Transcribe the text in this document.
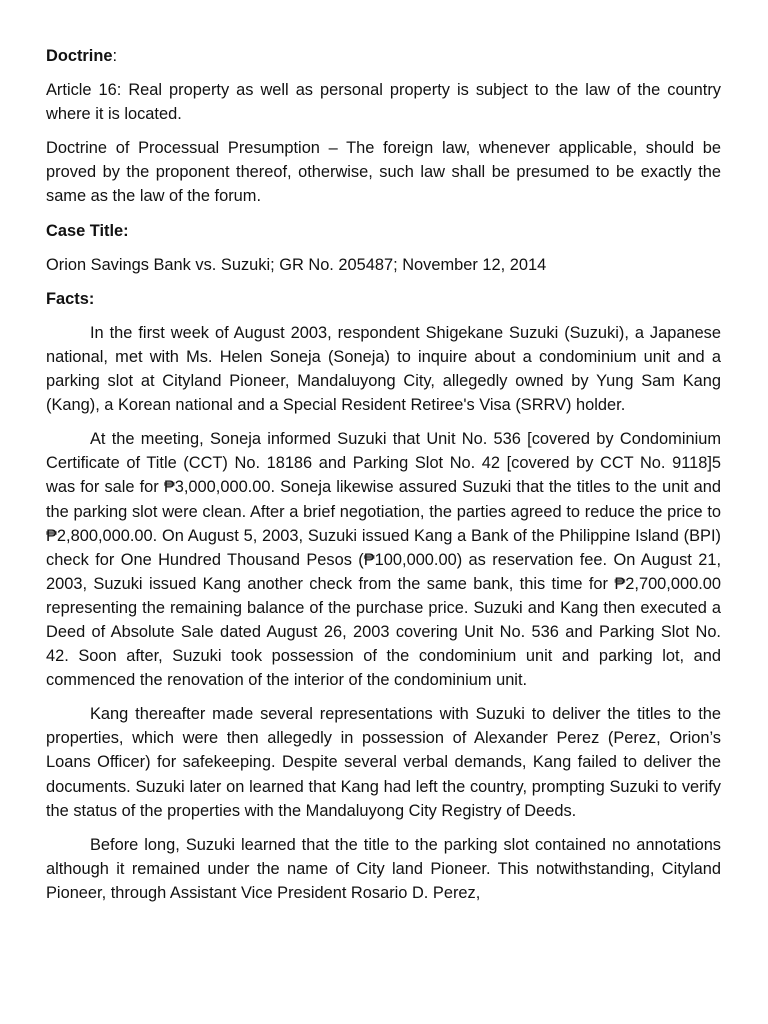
Doctrine:

Article 16: Real property as well as personal property is subject to the law of the country where it is located.

Doctrine of Processual Presumption – The foreign law, whenever applicable, should be proved by the proponent thereof, otherwise, such law shall be presumed to be exactly the same as the law of the forum.

Case Title:

Orion Savings Bank vs. Suzuki; GR No. 205487; November 12, 2014

Facts:

In the first week of August 2003, respondent Shigekane Suzuki (Suzuki), a Japanese national, met with Ms. Helen Soneja (Soneja) to inquire about a condominium unit and a parking slot at Cityland Pioneer, Mandaluyong City, allegedly owned by Yung Sam Kang (Kang), a Korean national and a Special Resident Retiree's Visa (SRRV) holder.

At the meeting, Soneja informed Suzuki that Unit No. 536 [covered by Condominium Certificate of Title (CCT) No. 18186 and Parking Slot No. 42 [covered by CCT No. 9118]5 was for sale for ₱3,000,000.00. Soneja likewise assured Suzuki that the titles to the unit and the parking slot were clean. After a brief negotiation, the parties agreed to reduce the price to ₱2,800,000.00. On August 5, 2003, Suzuki issued Kang a Bank of the Philippine Island (BPI) check for One Hundred Thousand Pesos (₱100,000.00) as reservation fee. On August 21, 2003, Suzuki issued Kang another check from the same bank, this time for ₱2,700,000.00 representing the remaining balance of the purchase price. Suzuki and Kang then executed a Deed of Absolute Sale dated August 26, 2003 covering Unit No. 536 and Parking Slot No. 42. Soon after, Suzuki took possession of the condominium unit and parking lot, and commenced the renovation of the interior of the condominium unit.

Kang thereafter made several representations with Suzuki to deliver the titles to the properties, which were then allegedly in possession of Alexander Perez (Perez, Orion’s Loans Officer) for safekeeping. Despite several verbal demands, Kang failed to deliver the documents. Suzuki later on learned that Kang had left the country, prompting Suzuki to verify the status of the properties with the Mandaluyong City Registry of Deeds.

Before long, Suzuki learned that the title to the parking slot contained no annotations although it remained under the name of City land Pioneer. This notwithstanding, Cityland Pioneer, through Assistant Vice President Rosario D. Perez,
